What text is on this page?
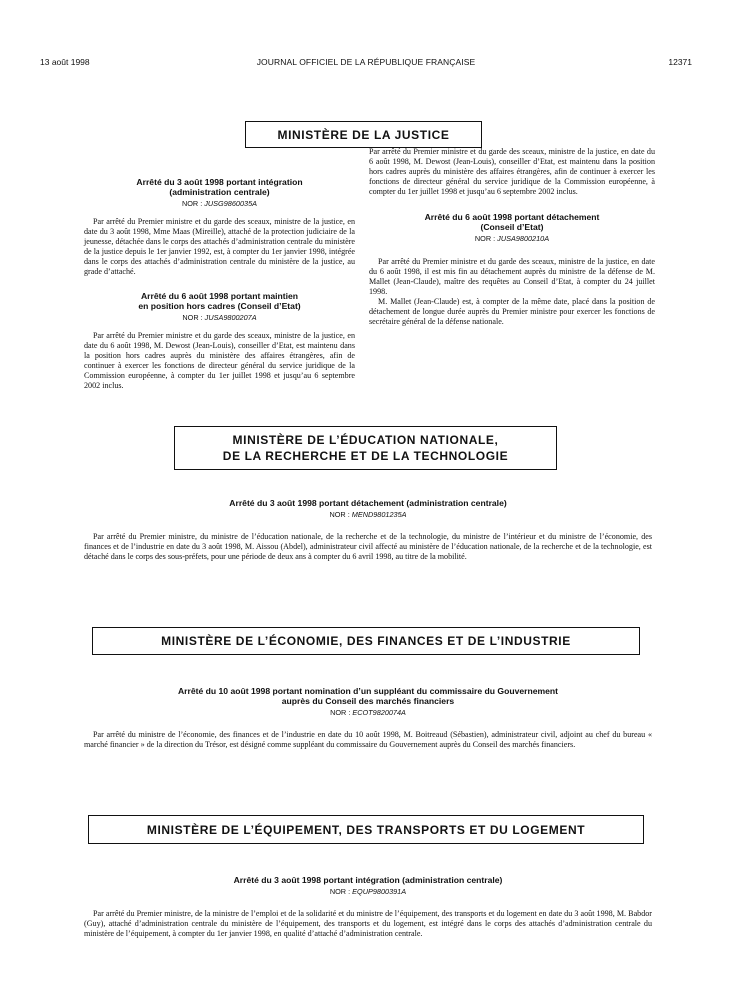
13 août 1998	JOURNAL OFFICIEL DE LA RÉPUBLIQUE FRANÇAISE	12371
MINISTÈRE DE LA JUSTICE
Arrêté du 3 août 1998 portant intégration
(administration centrale)
NOR : JUSG9860035A

Par arrêté du Premier ministre et du garde des sceaux, ministre de la justice, en date du 3 août 1998, Mme Maas (Mireille), attaché de la protection judiciaire de la jeunesse, détachée dans le corps des attachés d’administration centrale du ministère de la justice depuis le 1er janvier 1992, est, à compter du 1er janvier 1998, intégrée dans le corps des attachés d’administration centrale du ministère de la justice, au grade d’attaché.

Arrêté du 6 août 1998 portant maintien
en position hors cadres (Conseil d’Etat)
NOR : JUSA9800207A

Par arrêté du Premier ministre et du garde des sceaux, ministre de la justice, en date du 6 août 1998, M. Dewost (Jean-Louis), conseiller d’Etat, est maintenu dans la position hors cadres auprès du ministère des affaires étrangères, afin de continuer à exercer les fonctions de directeur général du service juridique de la Commission européenne, à compter du 1er juillet 1998 et jusqu’au 6 septembre 2002 inclus.

Par arrêté du Premier ministre et du garde des sceaux, ministre de la justice, en date du 6 août 1998, M. Dewost (Jean-Louis), conseiller d’Etat, est maintenu dans la position hors cadres auprès du ministère des affaires étrangères, afin de continuer à exercer les fonctions de directeur général du service juridique de la Commission européenne, à compter du 1er juillet 1998 et jusqu’au 6 septembre 2002 inclus.

Arrêté du 6 août 1998 portant détachement
(Conseil d’Etat)
NOR : JUSA9800210A

Par arrêté du Premier ministre et du garde des sceaux, ministre de la justice, en date du 6 août 1998, il est mis fin au détachement auprès du ministre de la défense de M. Mallet (Jean-Claude), maître des requêtes au Conseil d’Etat, à compter du 24 juillet 1998.

M. Mallet (Jean-Claude) est, à compter de la même date, placé dans la position de détachement de longue durée auprès du Premier ministre pour exercer les fonctions de secrétaire général de la défense nationale.

MINISTÈRE DE L’ÉDUCATION NATIONALE,
DE LA RECHERCHE ET DE LA TECHNOLOGIE
Arrêté du 3 août 1998 portant détachement (administration centrale)
NOR : MEND9801235A

Par arrêté du Premier ministre, du ministre de l’éducation nationale, de la recherche et de la technologie, du ministre de l’intérieur et du ministre de l’économie, des finances et de l’industrie en date du 3 août 1998, M. Aissou (Abdel), administrateur civil affecté au ministère de l’éducation nationale, de la recherche et de la technologie, est détaché dans le corps des sous-préfets, pour une période de deux ans à compter du 6 avril 1998, au titre de la mobilité.

MINISTÈRE DE L’ÉCONOMIE, DES FINANCES ET DE L’INDUSTRIE
Arrêté du 10 août 1998 portant nomination d’un suppléant du commissaire du Gouvernement
auprès du Conseil des marchés financiers
NOR : ECOT9820074A

Par arrêté du ministre de l’économie, des finances et de l’industrie en date du 10 août 1998, M. Boitreaud (Sébastien), administrateur civil, adjoint au chef du bureau « marché financier » de la direction du Trésor, est désigné comme suppléant du commissaire du Gouvernement auprès du Conseil des marchés financiers.

MINISTÈRE DE L’ÉQUIPEMENT, DES TRANSPORTS ET DU LOGEMENT
Arrêté du 3 août 1998 portant intégration (administration centrale)
NOR : EQUP9800391A

Par arrêté du Premier ministre, de la ministre de l’emploi et de la solidarité et du ministre de l’équipement, des transports et du logement en date du 3 août 1998, M. Babdor (Guy), attaché d’administration centrale du ministère de l’équipement, des transports et du logement, est intégré dans le corps des attachés d’administration centrale du ministère de l’équipement, à compter du 1er janvier 1998, en qualité d’attaché d’administration centrale.
